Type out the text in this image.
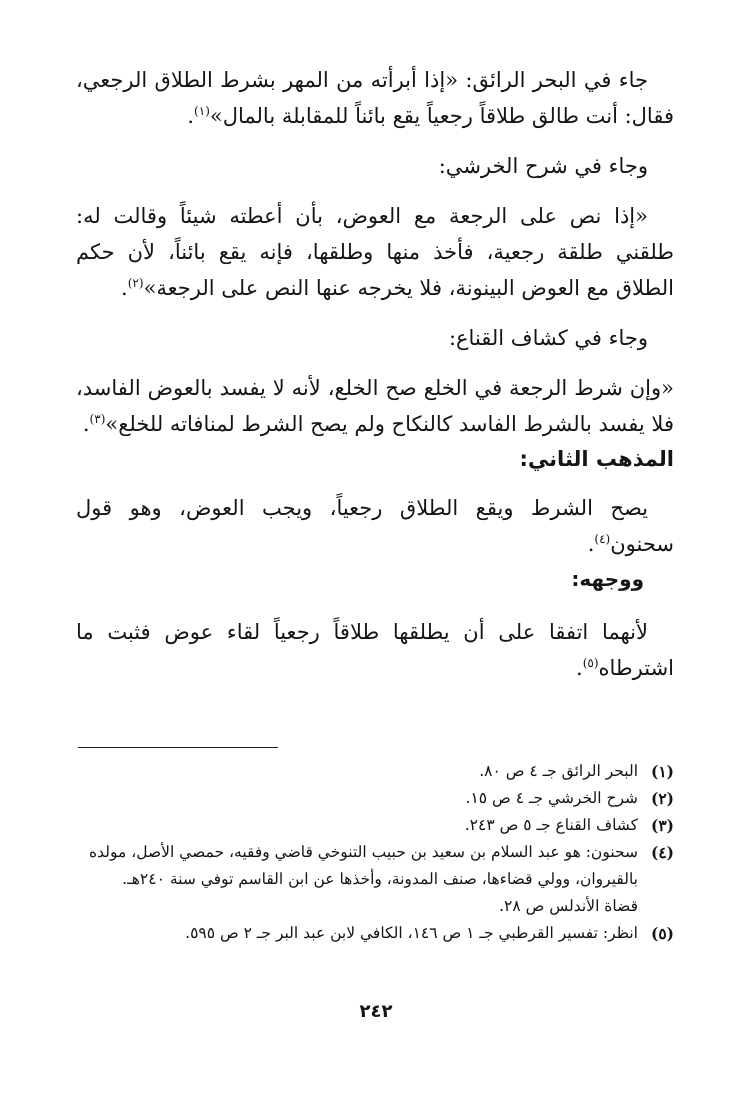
جاء في البحر الرائق: «إذا أبرأته من المهر بشرط الطلاق الرجعي، فقال: أنت طالق طلاقاً رجعياً يقع بائناً للمقابلة بالمال»$^{(١)}$.

وجاء في شرح الخرشي:

«إذا نص على الرجعة مع العوض، بأن أعطته شيئاً وقالت له: طلقني طلقة رجعية، فأخذ منها وطلقها، فإنه يقع بائناً، لأن حكم الطلاق مع العوض البينونة، فلا يخرجه عنها النص على الرجعة»$^{(٢)}$.

وجاء في كشاف القناع:

«وإن شرط الرجعة في الخلع صح الخلع، لأنه لا يفسد بالعوض الفاسد، فلا يفسد بالشرط الفاسد كالنكاح ولم يصح الشرط لمنافاته للخلع»$^{(٣)}$.

المذهب الثاني:

يصح الشرط ويقع الطلاق رجعياً، ويجب العوض، وهو قول سحنون$^{(٤)}$.

ووجهه:

لأنهما اتفقا على أن يطلقها طلاقاً رجعياً لقاء عوض فثبت ما اشترطاه$^{(٥)}$.

(١)
البحر الرائق جـ ٤ ص ٨٠.
(٢)
شرح الخرشي جـ ٤ ص ١٥.
(٣)
كشاف القناع جـ ٥ ص ٢٤٣.
(٤)
سحنون: هو عبد السلام بن سعيد بن حبيب التنوخي قاضي وفقيه، حمصي الأصل، مولده بالقيروان، وولي قضاءها، صنف المدونة، وأخذها عن ابن القاسم توفي سنة ٢٤٠هـ.
قضاة الأندلس ص ٢٨.
(٥)
انظر: تفسير القرطبي جـ ١ ص ١٤٦، الكافي لابن عبد البر جـ ٢ ص ٥٩٥.
٢٤٢
